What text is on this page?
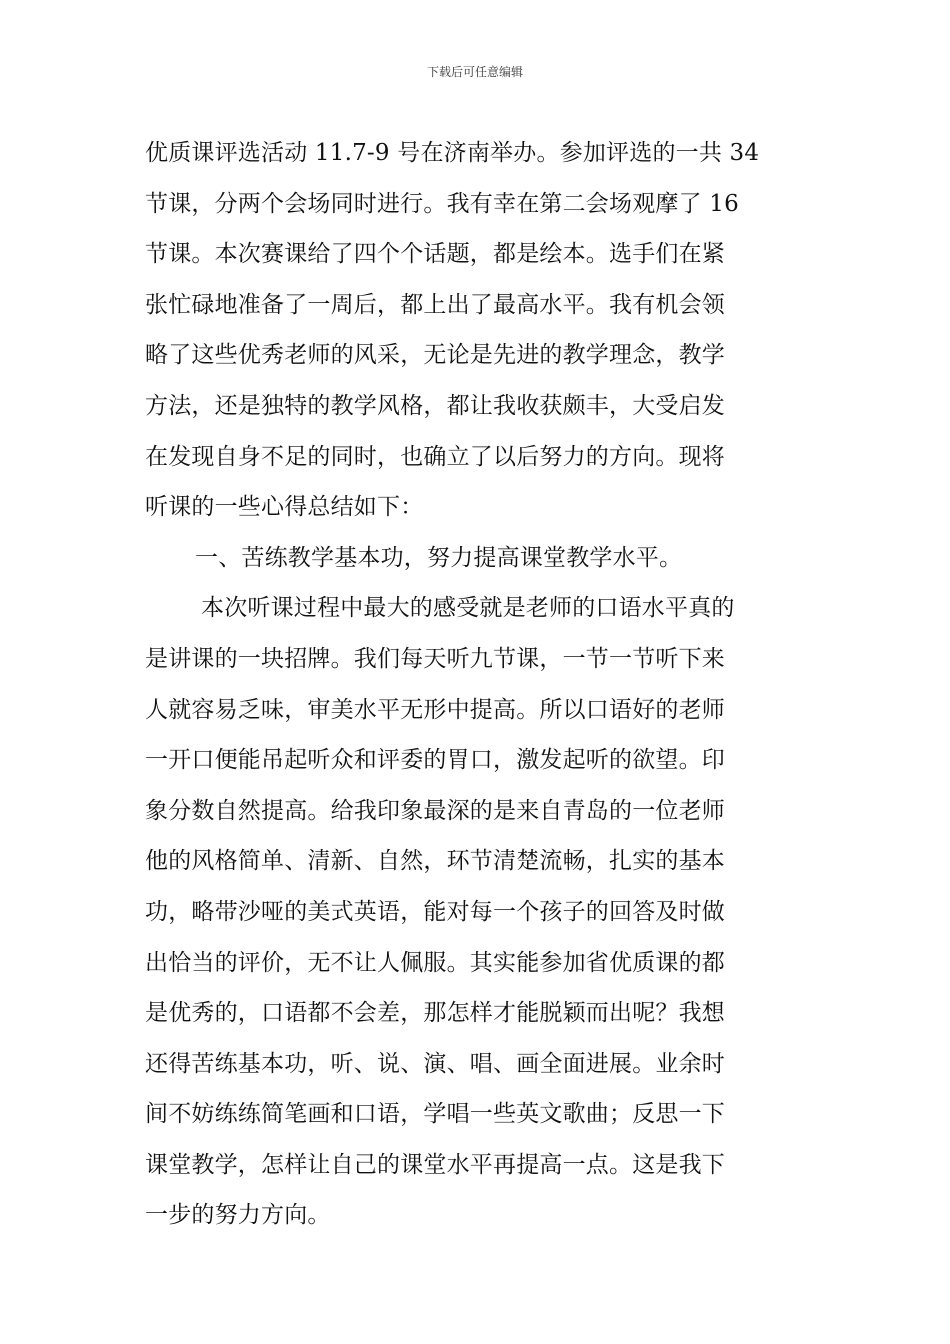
下载后可任意编辑
优质课评选活动 11.7-9 号在济南举办。参加评选的一共 34
节课，分两个会场同时进行。我有幸在第二会场观摩了 16
节课。本次赛课给了四个个话题，都是绘本。选手们在紧
张忙碌地准备了一周后，都上出了最高水平。我有机会领
略了这些优秀老师的风采，无论是先进的教学理念，教学
方法，还是独特的教学风格，都让我收获颇丰，大受启发
在发现自身不足的同时，也确立了以后努力的方向。现将
听课的一些心得总结如下：
一、苦练教学基本功，努力提高课堂教学水平。
本次听课过程中最大的感受就是老师的口语水平真的
是讲课的一块招牌。我们每天听九节课，一节一节听下来
人就容易乏味，审美水平无形中提高。所以口语好的老师
一开口便能吊起听众和评委的胃口，激发起听的欲望。印
象分数自然提高。给我印象最深的是来自青岛的一位老师
他的风格简单、清新、自然，环节清楚流畅，扎实的基本
功，略带沙哑的美式英语，能对每一个孩子的回答及时做
出恰当的评价，无不让人佩服。其实能参加省优质课的都
是优秀的，口语都不会差，那怎样才能脱颖而出呢？我想
还得苦练基本功，听、说、演、唱、画全面进展。业余时
间不妨练练简笔画和口语，学唱一些英文歌曲；反思一下
课堂教学，怎样让自己的课堂水平再提高一点。这是我下
一步的努力方向。
